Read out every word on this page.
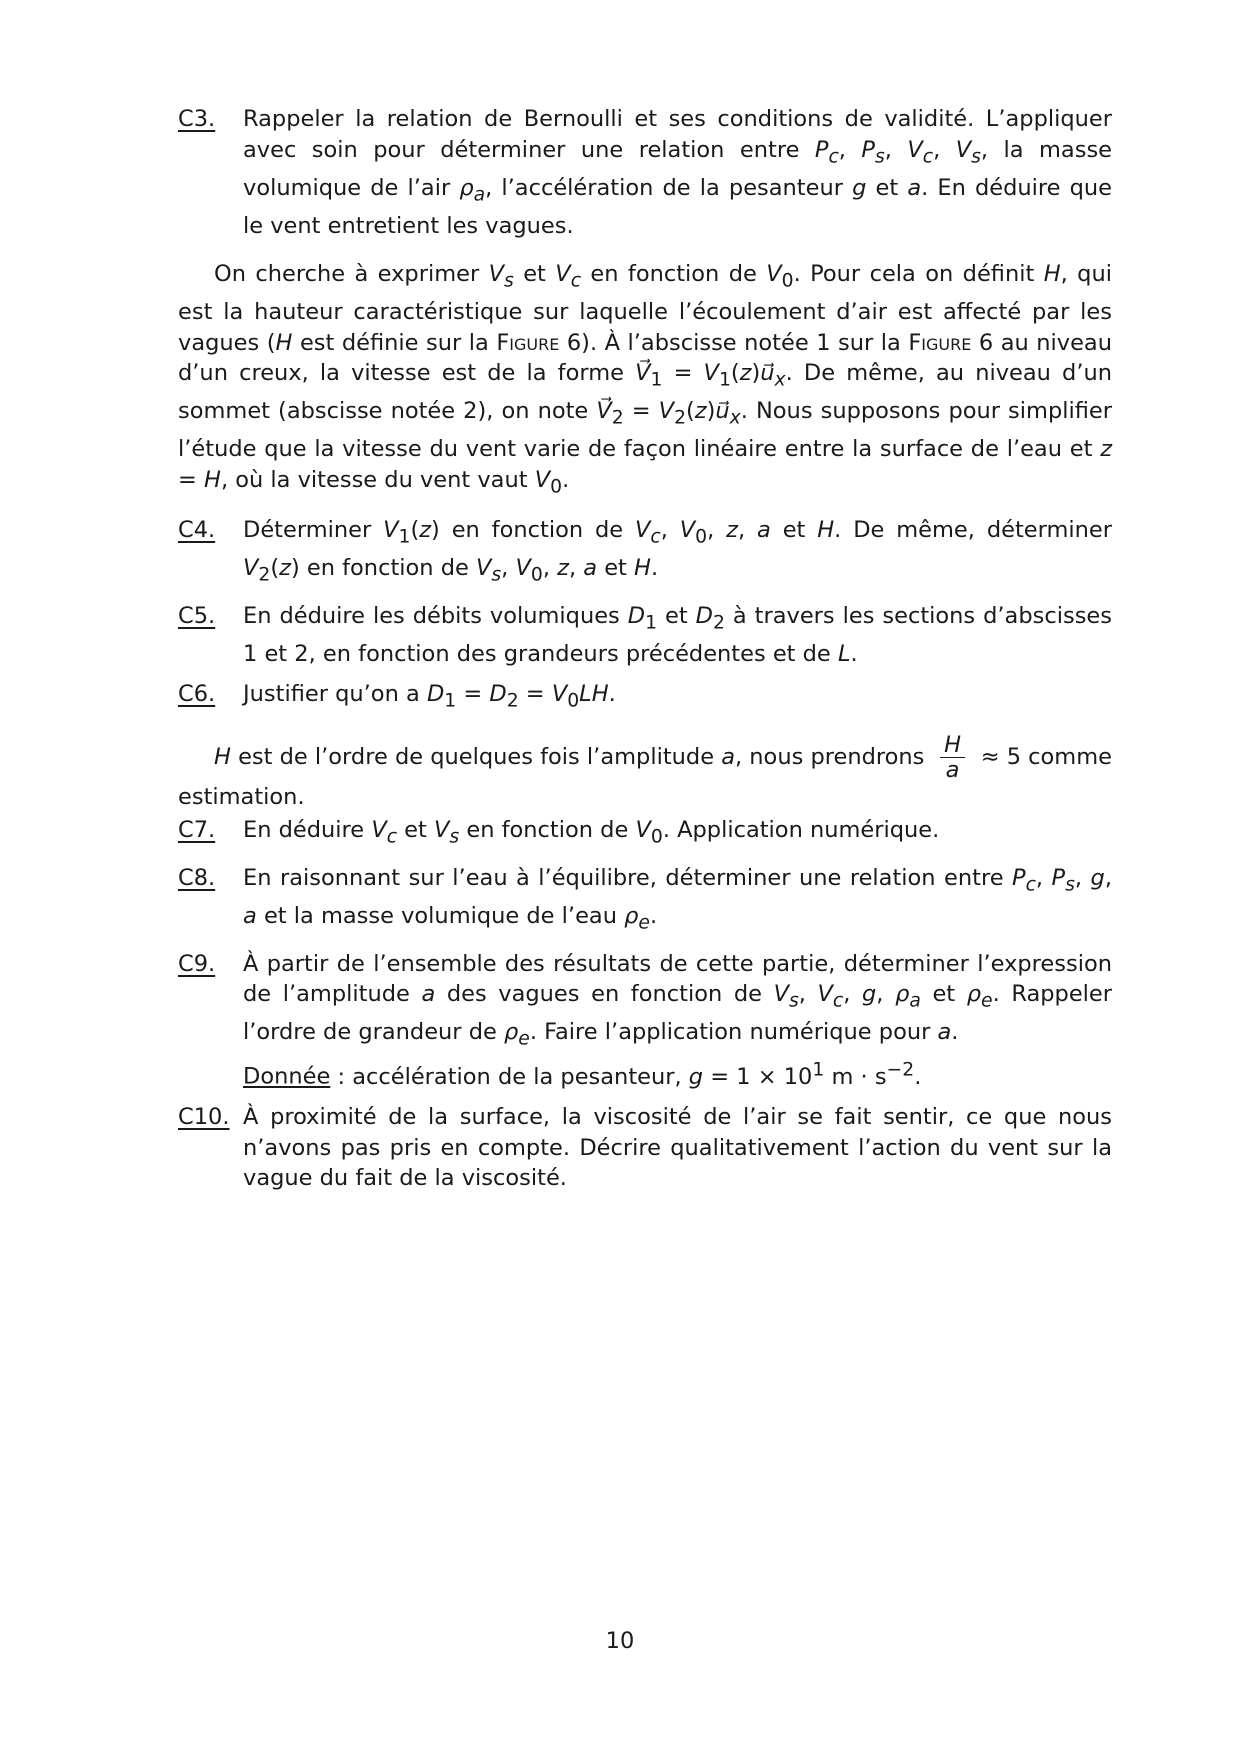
C3.	Rappeler la relation de Bernoulli et ses conditions de validité. L’appliquer avec soin pour déterminer une relation entre $P_c$, $P_s$, $V_c$, $V_s$, la masse volumique de l’air $\rho_a$, l’accélération de la pesanteur g et a. En déduire que le vent entretient les vagues.

On cherche à exprimer $V_s$ et $V_c$ en fonction de $V_0$. Pour cela on définit H, qui est la hauteur caractéristique sur laquelle l’écoulement d’air est affecté par les vagues (H est définie sur la Figure 6). À l’abscisse notée 1 sur la Figure 6 au niveau d’un creux, la vitesse est de la forme $V⃗_1$ = $V_1(z)u⃗_x$. De même, au niveau d’un sommet (abscisse notée 2), on note $V⃗_2$ = $V_2(z)u⃗_x$. Nous supposons pour simplifier l’étude que la vitesse du vent varie de façon linéaire entre la surface de l’eau et z = H, où la vitesse du vent vaut $V_0$.

C4.	Déterminer $V_1(z)$ en fonction de $V_c$, $V_0$, z, a et H. De même, déterminer $V_2(z)$ en fonction de $V_s$, $V_0$, z, a et H.
C5.	En déduire les débits volumiques $D_1$ et $D_2$ à travers les sections d’abscisses 1 et 2, en fonction des grandeurs précédentes et de L.
C6.	Justifier qu’on a $D_1 = D_2 = V_0LH$.
H est de l’ordre de quelques fois l’amplitude a, nous prendrons $\frac{H}{a} \approx 5$ comme
estimation.
C7.	En déduire $V_c$ et $V_s$ en fonction de $V_0$. Application numérique.
C8.	En raisonnant sur l’eau à l’équilibre, déterminer une relation entre $P_c$, $P_s$, g, a et la masse volumique de l’eau $\rho_e$.
C9.	À partir de l’ensemble des résultats de cette partie, déterminer l’expression de l’amplitude a des vagues en fonction de $V_s$, $V_c$, g, $\rho_a$ et $\rho_e$. Rappeler l’ordre de grandeur de $\rho_e$. Faire l’application numérique pour a.
Donnée : accélération de la pesanteur, $g = 1 \times 10^1$ $m \cdot s^{-2}$.
C10. À proximité de la surface, la viscosité de l’air se fait sentir, ce que nous n’avons pas pris en compte. Décrire qualitativement l’action du vent sur la vague du fait de la viscosité.
10
